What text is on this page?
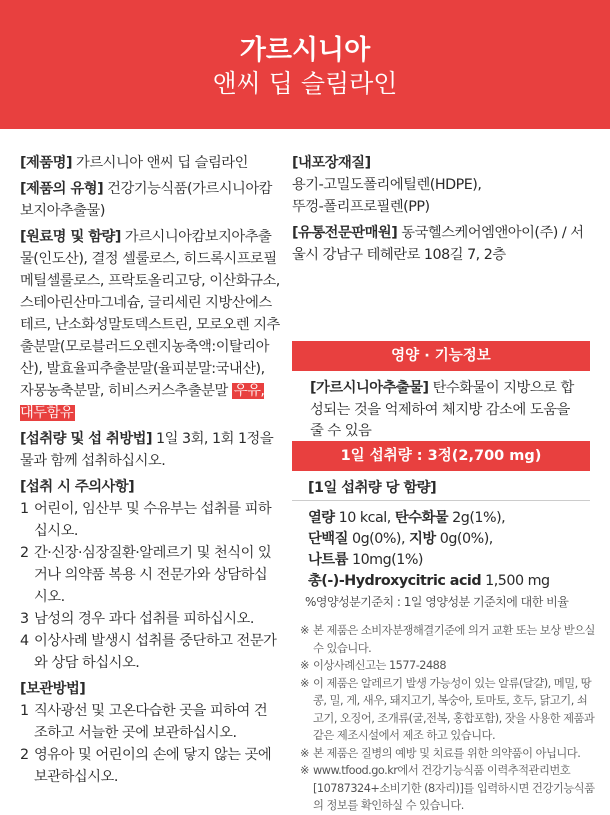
가르시니아
앤씨 딥 슬림라인
[제품명] 가르시니아 앤씨 딥 슬림라인
[제품의 유형] 건강기능식품(가르시니아캄보지아추출물)
[원료명 및 함량] 가르시니아캄보지아추출물(인도산), 결정 셀룰로스, 히드록시프로필메틸셀룰로스, 프락토올리고당, 이산화규소, 스테아린산마그네슘, 글리세린 지방산에스테르, 난소화성말토덱스트린, 모로오렌 지추출분말(모로블러드오렌지농축액:이탈리아산), 발효율피추출분말(율피분말:국내산), 자몽농축분말, 히비스커스추출분말 우유, 대두함유
[섭취량 및 섭 취방법] 1일 3회, 1회 1정을 물과 함께 섭취하십시오.
[섭취 시 주의사항]
1 어린이, 임산부 및 수유부는 섭취를 피하십시오.
2 간·신장·심장질환·알레르기 및 천식이 있거나 의약품 복용 시 전문가와 상담하십시오.
3 남성의 경우 과다 섭취를 피하십시오.
4 이상사례 발생시 섭취를 중단하고 전문가와 상담 하십시오.
[보관방법]
1 직사광선 및 고온다습한 곳을 피하여 건조하고 서늘한 곳에 보관하십시오.
2 영유아 및 어린이의 손에 닿지 않는 곳에 보관하십시오.
[내포장재질]
용기-고밀도폴리에틸렌(HDPE),
뚜껑-폴리프로필렌(PP)
[유통전문판매원] 동국헬스케어엠앤아이(주) / 서울시 강남구 테헤란로 108길 7, 2층
영양 · 기능정보
[가르시니아추출물] 탄수화물이 지방으로 합성되는 것을 억제하여 체지방 감소에 도움을 줄 수 있음
1일 섭취량 : 3정(2,700 mg)
[1일 섭취량 당 함량]
열량 10 kcal, 탄수화물 2g(1%),
단백질 0g(0%), 지방 0g(0%),
나트륨 10mg(1%)
총(-)-Hydroxycitric acid 1,500 mg
%영양성분기준치 : 1일 영양성분 기준치에 대한 비율
※ 본 제품은 소비자분쟁해결기준에 의거 교환 또는 보상 받으실 수 있습니다.
※ 이상사례신고는 1577-2488
※ 이 제품은 알레르기 발생 가능성이 있는 알류(달걀), 메밀, 땅 콩, 밀, 게, 새우, 돼지고기, 복숭아, 토마토, 호두, 닭고기, 쇠고기, 오징어, 조개류(굴,전복, 홍합포함), 잣을 사용한 제품과 같은 제조시설에서 제조 하고 있습니다.
※ 본 제품은 질병의 예방 및 치료를 위한 의약품이 아닙니다.
※ www.tfood.go.kr에서 건강기능식품 이력추적관리번호 [10787324+소비기한 (8자리)]를 입력하시면 건강기능식품의 정보를 확인하실 수 있습니다.
